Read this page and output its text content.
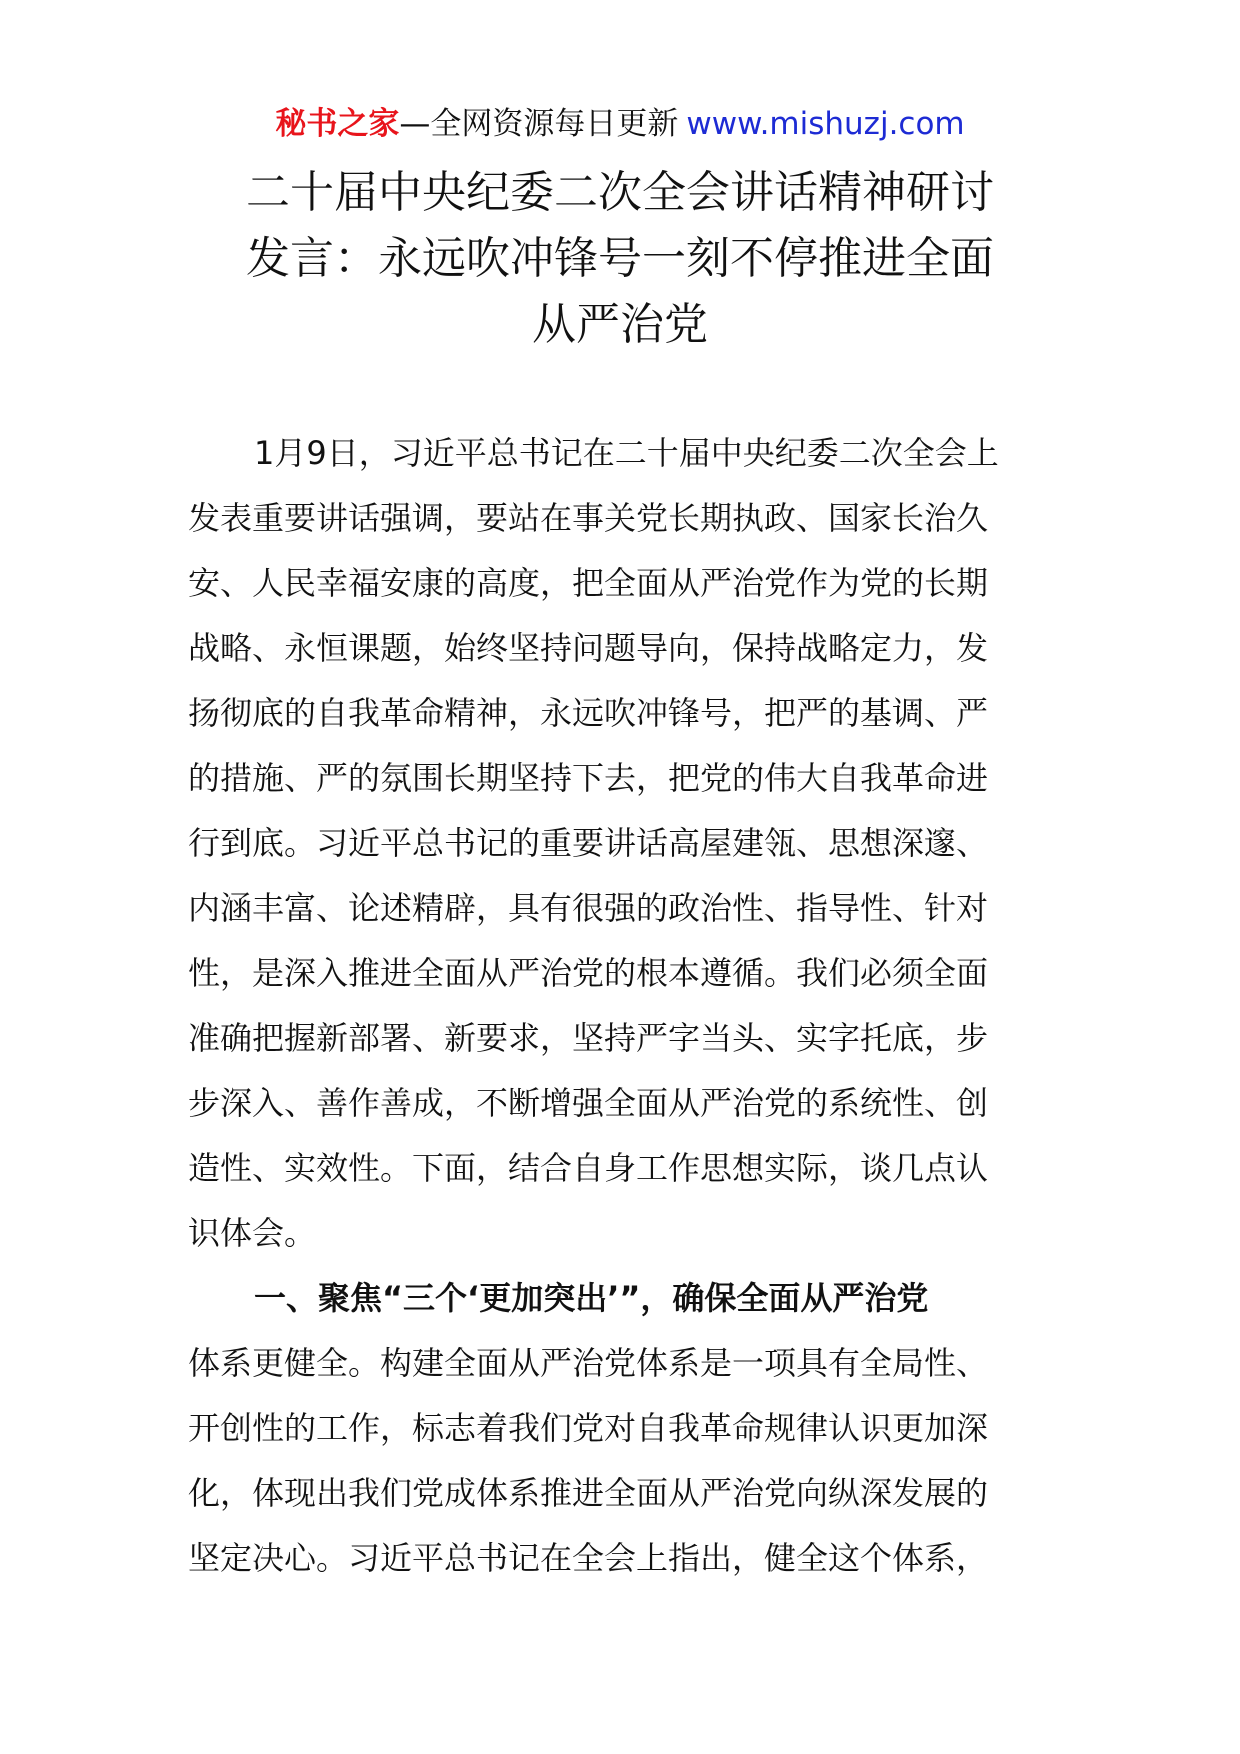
秘书之家—全网资源每日更新 www.mishuzj.com
二十届中央纪委二次全会讲话精神研讨
发言：永远吹冲锋号一刻不停推进全面
从严治党
1月9日，习近平总书记在二十届中央纪委二次全会上
发表重要讲话强调，要站在事关党长期执政、国家长治久
安、人民幸福安康的高度，把全面从严治党作为党的长期
战略、永恒课题，始终坚持问题导向，保持战略定力，发
扬彻底的自我革命精神，永远吹冲锋号，把严的基调、严
的措施、严的氛围长期坚持下去，把党的伟大自我革命进
行到底。习近平总书记的重要讲话高屋建瓴、思想深邃、
内涵丰富、论述精辟，具有很强的政治性、指导性、针对
性，是深入推进全面从严治党的根本遵循。我们必须全面
准确把握新部署、新要求，坚持严字当头、实字托底，步
步深入、善作善成，不断增强全面从严治党的系统性、创
造性、实效性。下面，结合自身工作思想实际，谈几点认
识体会。
一、聚焦“三个‘更加突出’”，确保全面从严治党
体系更健全。构建全面从严治党体系是一项具有全局性、
开创性的工作，标志着我们党对自我革命规律认识更加深
化，体现出我们党成体系推进全面从严治党向纵深发展的
坚定决心。习近平总书记在全会上指出，健全这个体系，
